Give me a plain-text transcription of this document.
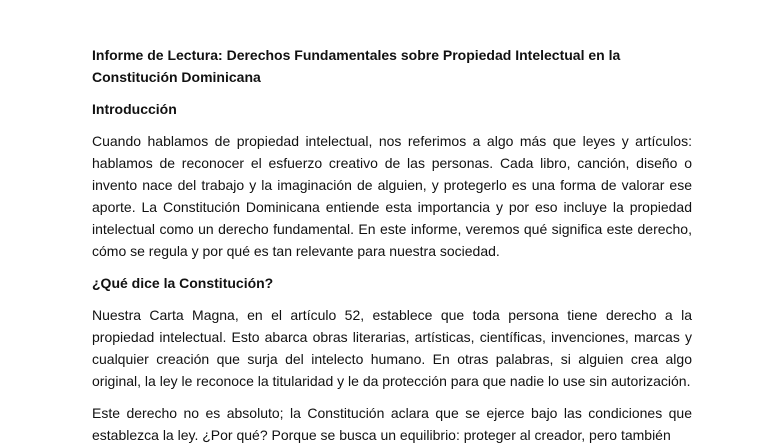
Informe de Lectura: Derechos Fundamentales sobre Propiedad Intelectual en la Constitución Dominicana
Introducción

Cuando hablamos de propiedad intelectual, nos referimos a algo más que leyes y artículos: hablamos de reconocer el esfuerzo creativo de las personas. Cada libro, canción, diseño o invento nace del trabajo y la imaginación de alguien, y protegerlo es una forma de valorar ese aporte. La Constitución Dominicana entiende esta importancia y por eso incluye la propiedad intelectual como un derecho fundamental. En este informe, veremos qué significa este derecho, cómo se regula y por qué es tan relevante para nuestra sociedad.

¿Qué dice la Constitución?

Nuestra Carta Magna, en el artículo 52, establece que toda persona tiene derecho a la propiedad intelectual. Esto abarca obras literarias, artísticas, científicas, invenciones, marcas y cualquier creación que surja del intelecto humano. En otras palabras, si alguien crea algo original, la ley le reconoce la titularidad y le da protección para que nadie lo use sin autorización.

Este derecho no es absoluto; la Constitución aclara que se ejerce bajo las condiciones que establezca la ley. ¿Por qué? Porque se busca un equilibrio: proteger al creador, pero también
